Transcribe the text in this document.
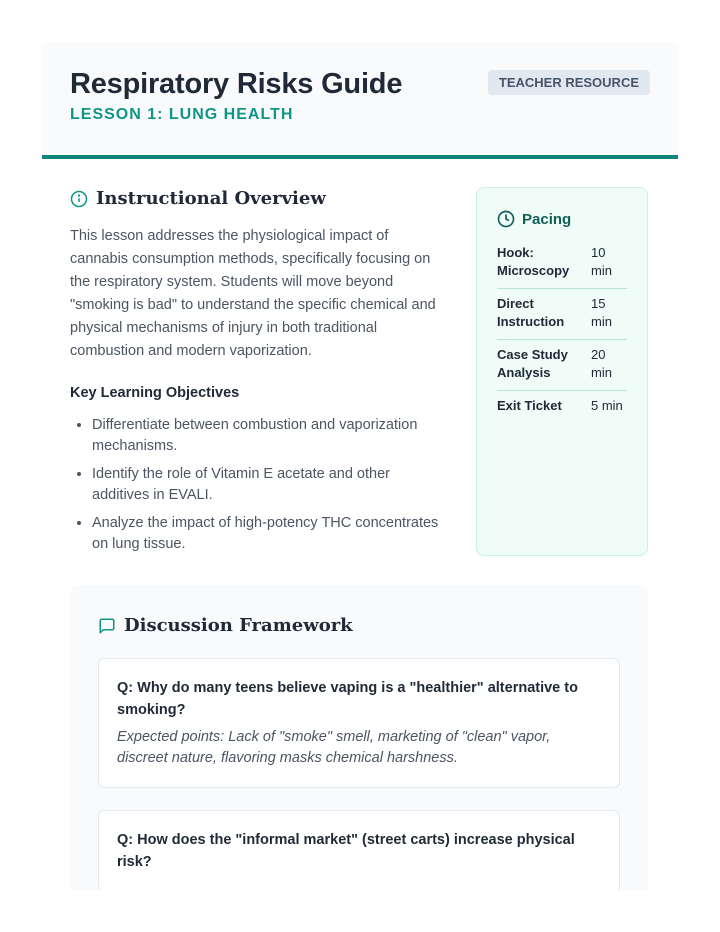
Respiratory Risks Guide
LESSON 1: LUNG HEALTH
TEACHER RESOURCE
Instructional Overview

This lesson addresses the physiological impact of cannabis consumption methods, specifically focusing on the respiratory system. Students will move beyond "smoking is bad" to understand the specific chemical and physical mechanisms of injury in both traditional combustion and modern vaporization.

Key Learning Objectives
• Differentiate between combustion and vaporization mechanisms.
• Identify the role of Vitamin E acetate and other additives in EVALI.
• Analyze the impact of high-potency THC concentrates on lung tissue.
Pacing
Hook: Microscopy
10 min
Direct Instruction
15 min
Case Study Analysis
20 min
Exit Ticket	5 min
Discussion Framework

Q: Why do many teens believe vaping is a "healthier" alternative to smoking?

Expected points: Lack of "smoke" smell, marketing of "clean" vapor, discreet nature, flavoring masks chemical harshness.

Q: How does the "informal market" (street carts) increase physical risk?
